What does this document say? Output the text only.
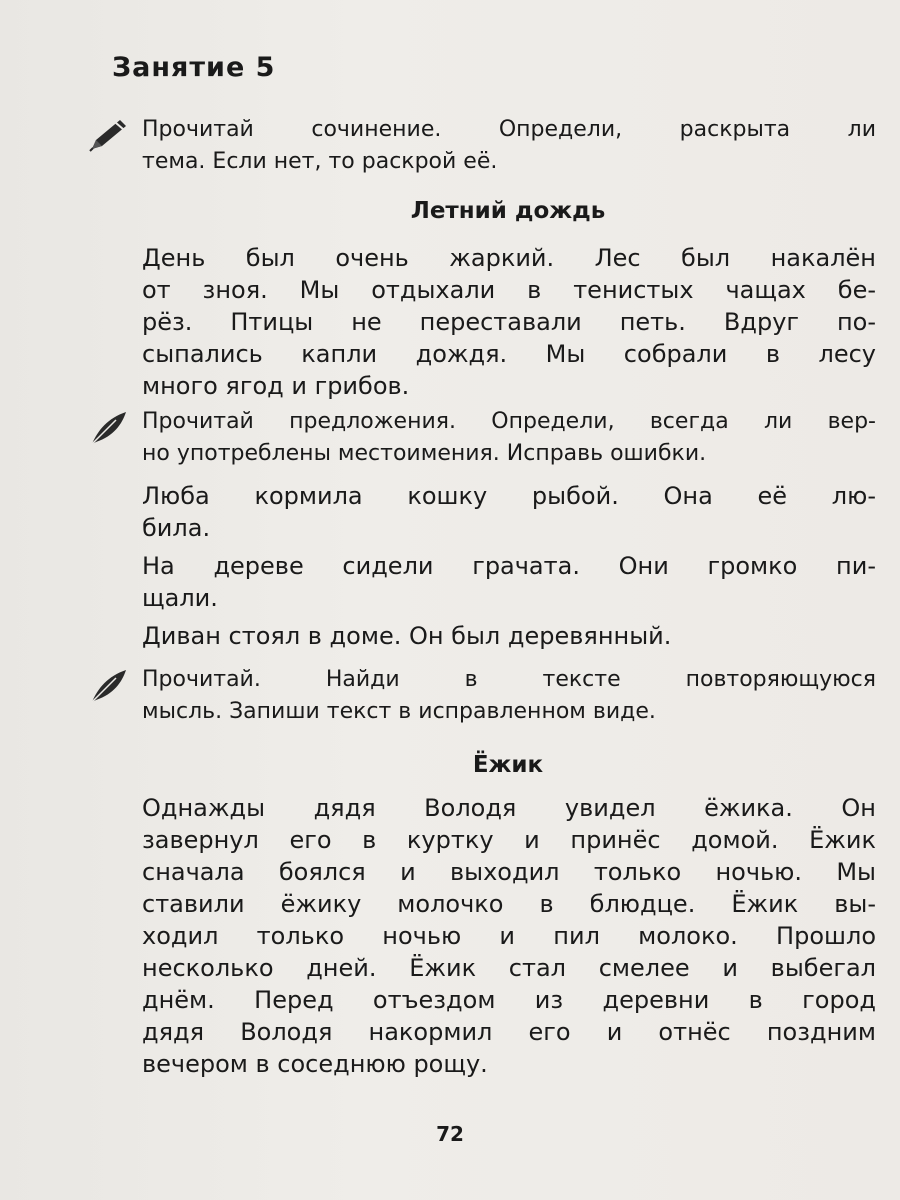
Занятие 5
Прочитай сочинение. Определи, раскрыта ли
тема. Если нет, то раскрой её.
Летний дождь
День был очень жаркий. Лес был накалён
от зноя. Мы отдыхали в тенистых чащах бе-
рёз. Птицы не переставали петь. Вдруг по-
сыпались капли дождя. Мы собрали в лесу
много ягод и грибов.
Прочитай предложения. Определи, всегда ли вер-
но употреблены местоимения. Исправь ошибки.
Люба кормила кошку рыбой. Она её лю-
била.
На дереве сидели грачата. Они громко пи-
щали.
Диван стоял в доме. Он был деревянный.
Прочитай. Найди в тексте повторяющуюся
мысль. Запиши текст в исправленном виде.
Ёжик
Однажды дядя Володя увидел ёжика. Он
завернул его в куртку и принёс домой. Ёжик
сначала боялся и выходил только ночью. Мы
ставили ёжику молочко в блюдце. Ёжик вы-
ходил только ночью и пил молоко. Прошло
несколько дней. Ёжик стал смелее и выбегал
днём. Перед отъездом из деревни в город
дядя Володя накормил его и отнёс поздним
вечером в соседнюю рощу.
72
